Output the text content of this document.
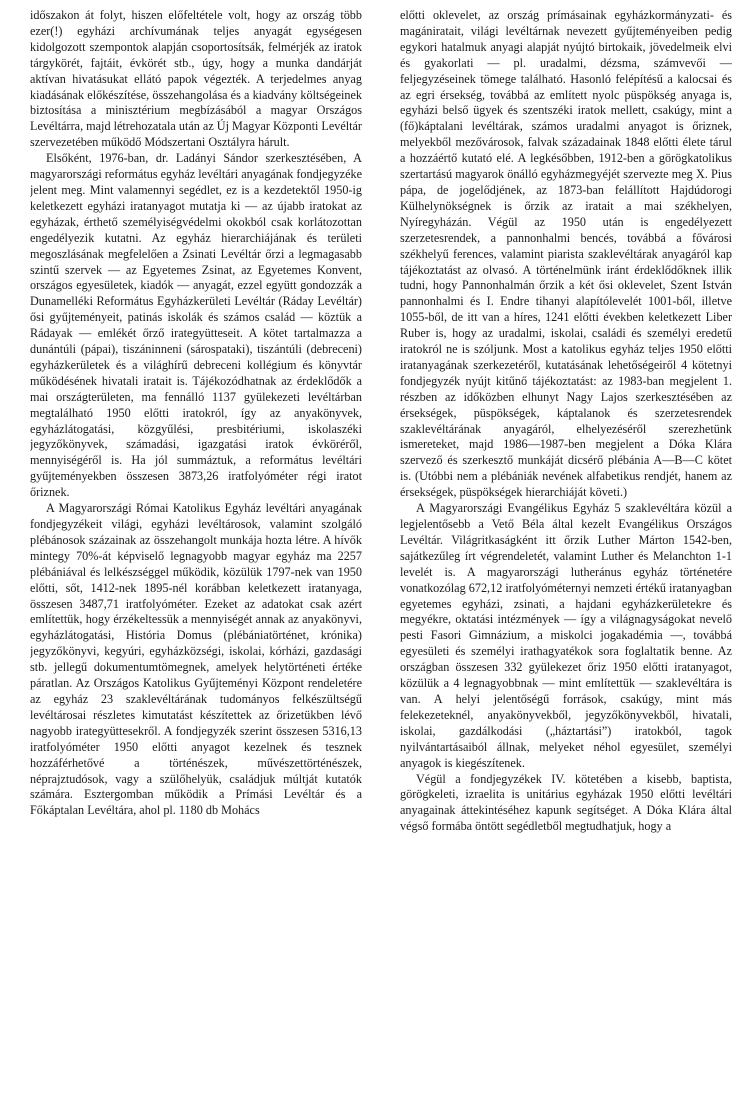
időszakon át folyt, hiszen előfeltétele volt, hogy az ország több ezer(!) egyházi archívumának teljes anyagát egységesen kidolgozott szempontok alapján csoportosítsák, felmérjék az iratok tárgykörét, fajtáit, évkörét stb., úgy, hogy a munka dandárját aktívan hivatásukat ellátó papok végezték. A terjedelmes anyag kiadásának előkészítése, összehangolása és a kiadvány költségeinek biztosítása a minisztérium megbízásából a magyar Országos Levéltárra, majd létrehozatala után az Új Magyar Központi Levéltár szervezetében működő Módszertani Osztályra hárult.

Elsőként, 1976-ban, dr. Ladányi Sándor szerkesztésében, A magyarországi református egyház levéltári anyagának fondjegyzéke jelent meg. Mint valamennyi segédlet, ez is a kezdetektől 1950-ig keletkezett egyházi iratanyagot mutatja ki — az újabb iratokat az egyházak, érthető személyiségvédelmi okokból csak korlátozottan engedélyezik kutatni. Az egyház hierarchiájának és területi megoszlásának megfelelően a Zsinati Levéltár őrzi a legmagasabb szintű szervek — az Egyetemes Zsinat, az Egyetemes Konvent, országos egyesületek, kiadók — anyagát, ezzel együtt gondozzák a Dunamelléki Református Egyházkerületi Levéltár (Ráday Levéltár) ősi gyűjteményeit, patinás iskolák és számos család — köztük a Rádayak — emlékét őrző irategyütteseit. A kötet tartalmazza a dunántúli (pápai), tiszáninneni (sárospataki), tiszántúli (debreceni) egyházkerületek és a világhírű debreceni kollégium és könyvtár működésének hivatali iratait is. Tájékozódhatnak az érdeklődők a mai országterületen, ma fennálló 1137 gyülekezeti levéltárban megtalálható 1950 előtti iratokról, így az anyakönyvek, egyházlátogatási, közgyűlési, presbitériumi, iskolaszéki jegyzőkönyvek, számadási, igazgatási iratok évköréről, mennyiségéről is. Ha jól summáztuk, a református levéltári gyűjteményekben összesen 3873,26 iratfolyóméter régi iratot őriznek.

A Magyarországi Római Katolikus Egyház levéltári anyagának fondjegyzékeit világi, egyházi levéltárosok, valamint szolgáló plébánosok százainak az összehangolt munkája hozta létre. A hívők mintegy 70%-át képviselő legnagyobb magyar egyház ma 2257 plébániával és lelkészséggel működik, közülük 1797-nek van 1950 előtti, sőt, 1412-nek 1895-nél korábban keletkezett iratanyaga, összesen 3487,71 iratfolyóméter. Ezeket az adatokat csak azért említettük, hogy érzékeltessük a mennyiségét annak az anyakönyvi, egyházlátogatási, História Domus (plébániatörténet, krónika) jegyzőkönyvi, kegyúri, egyházközségi, iskolai, kórházi, gazdasági stb. jellegű dokumentumtömegnek, amelyek helytörténeti értéke páratlan. Az Országos Katolikus Gyűjteményi Központ rendeletére az egyház 23 szaklevéltárának tudományos felkészültségű levéltárosai részletes kimutatást készítettek az őrizetükben lévő nagyobb irategyüttesekről. A fondjegyzék szerint összesen 5316,13 iratfolyóméter 1950 előtti anyagot kezelnek és tesznek hozzáférhetővé a történészek, művészettörténészek, néprajztudósok, vagy a szülőhelyük, családjuk múltját kutatók számára. Esztergomban működik a Prímási Levéltár és a Főkáptalan Levéltára, ahol pl. 1180 db Mohács

előtti oklevelet, az ország prímásainak egyházkormányzati- és magániratait, világi levéltárnak nevezett gyűjteményeiben pedig egykori hatalmuk anyagi alapját nyújtó birtokaik, jövedelmeik elvi és gyakorlati — pl. uradalmi, dézsma, számvevői — feljegyzéseinek tömege található. Hasonló felépítésű a kalocsai és az egri érsekség, továbbá az említett nyolc püspökség anyaga is, egyházi belső ügyek és szentszéki iratok mellett, csakúgy, mint a (fő)káptalani levéltárak, számos uradalmi anyagot is őriznek, melyekből mezővárosok, falvak századainak 1848 előtti élete tárul a hozzáértő kutató elé. A legkésőbben, 1912-ben a görögkatolikus szertartású magyarok önálló egyházmegyéjét szervezte meg X. Pius pápa, de jogelődjének, az 1873-ban felállított Hajdúdorogi Külhelynökségnek is őrzik az iratait a mai székhelyen, Nyíregyházán. Végül az 1950 után is engedélyezett szerzetesrendek, a pannonhalmi bencés, továbbá a fővárosi székhelyű ferences, valamint piarista szaklevéltárak anyagáról kap tájékoztatást az olvasó. A történelmünk iránt érdeklődőknek illik tudni, hogy Pannonhalmán őrzik a két ősi oklevelet, Szent István pannonhalmi és I. Endre tihanyi alapítólevelét 1001-ből, illetve 1055-ből, de itt van a híres, 1241 előtti években keletkezett Liber Ruber is, hogy az uradalmi, iskolai, családi és személyi eredetű iratokról ne is szóljunk. Most a katolikus egyház teljes 1950 előtti iratanyagának szerkezetéről, kutatásának lehetőségeiről 4 kötetnyi fondjegyzék nyújt kitűnő tájékoztatást: az 1983-ban megjelent 1. részben az időközben elhunyt Nagy Lajos szerkesztésében az érsekségek, püspökségek, káptalanok és szerzetesrendek szaklevéltárának anyagáról, elhelyezéséről szerezhetünk ismereteket, majd 1986—1987-ben megjelent a Dóka Klára szervező és szerkesztő munkáját dicsérő plébánia A—B—C kötet is. (Utóbbi nem a plébániák nevének alfabetikus rendjét, hanem az érsekségek, püspökségek hierarchiáját követi.)

A Magyarországi Evangélikus Egyház 5 szaklevéltára közül a legjelentősebb a Vető Béla által kezelt Evangélikus Országos Levéltár. Világritkaságként itt őrzik Luther Márton 1542-ben, sajátkezűleg írt végrendeletét, valamint Luther és Melanchton 1-1 levelét is. A magyarországi lutheránus egyház történetére vonatkozólag 672,12 iratfolyóméternyi nemzeti értékű iratanyagban egyetemes egyházi, zsinati, a hajdani egyházkerületekre és megyékre, oktatási intézmények — így a világnagyságokat nevelő pesti Fasori Gimnázium, a miskolci jogakadémia —, továbbá egyesületi és személyi irathagyatékok sora foglaltatik benne. Az országban összesen 332 gyülekezet őriz 1950 előtti iratanyagot, közülük a 4 legnagyobbnak — mint említettük — szaklevéltára is van. A helyi jelentőségű források, csakúgy, mint más felekezeteknél, anyakönyvekből, jegyzőkönyvekből, hivatali, iskolai, gazdálkodási („háztartási”) iratokból, tagok nyilvántartásaiból állnak, melyeket néhol egyesület, személyi anyagok is kiegészítenek.

Végül a fondjegyzékek IV. kötetében a kisebb, baptista, görögkeleti, izraelita is unitárius egyházak 1950 előtti levéltári anyagainak áttekintéséhez kapunk segítséget. A Dóka Klára által végső formába öntött segédletből megtudhatjuk, hogy a
